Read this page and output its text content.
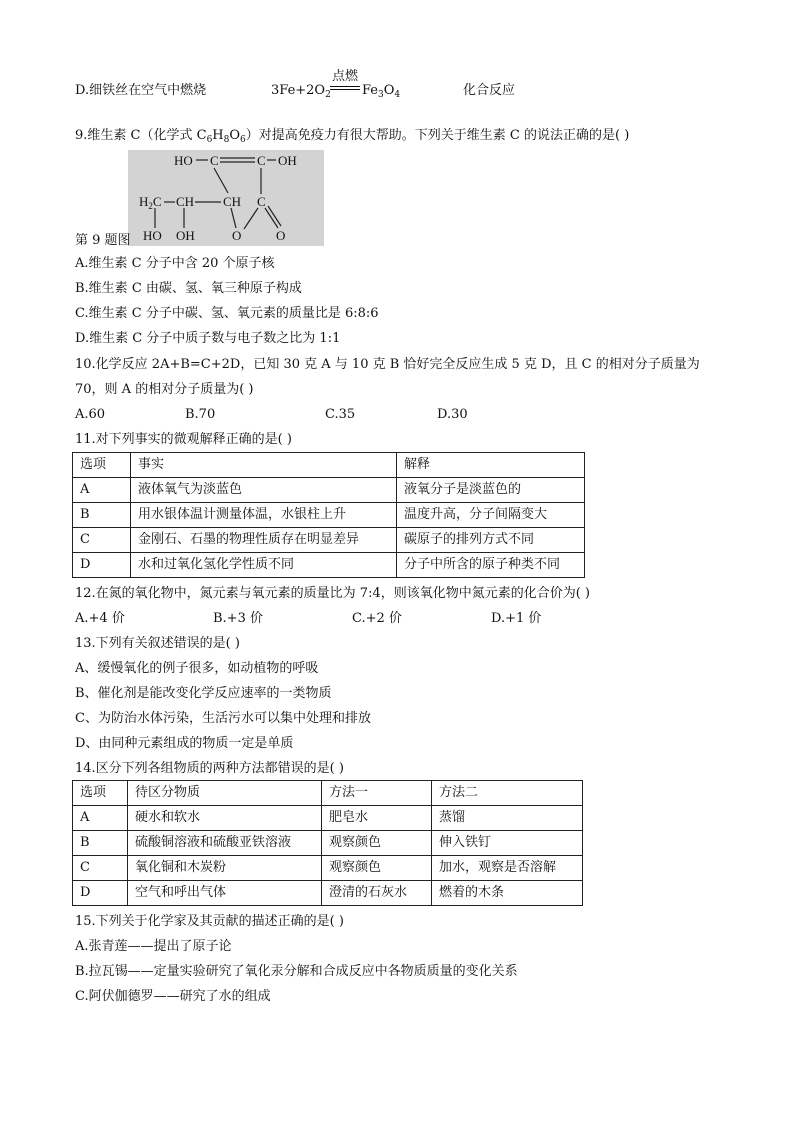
D.细铁丝在空气中燃烧	$3Fe+2O_2$
点燃
$Fe_3O_4$	化合反应
9.维生素 C（化学式 $C_6H_8O_6$）对提高免疫力有很大帮助。下列关于维生素 C 的说法正确的是( )
HO C	C OH
$H_2C$ CH CH C
HO OH	O	O
第 9 题图
A.维生素 C 分子中含 20 个原子核
B.维生素 C 由碳、氢、氧三种原子构成
C.维生素 C 分子中碳、氢、氧元素的质量比是 6:8:6
D.维生素 C 分子中质子数与电子数之比为 1:1
10.化学反应 2A+B=C+2D，已知 30 克 A 与 10 克 B 恰好完全反应生成 5 克 D，且 C 的相对分子质量为
70，则 A 的相对分子质量为( )
A.60	B.70	C.35	D.30
11.对下列事实的微观解释正确的是( )
选项	事实	解释
A	液体氧气为淡蓝色	液氧分子是淡蓝色的
B	用水银体温计测量体温，水银柱上升	温度升高，分子间隔变大
C	金刚石、石墨的物理性质存在明显差异	碳原子的排列方式不同
D	水和过氧化氢化学性质不同	分子中所含的原子种类不同
12.在氮的氧化物中，氮元素与氧元素的质量比为 7:4，则该氧化物中氮元素的化合价为( )
A.+4 价	B.+3 价	C.+2 价	D.+1 价
13.下列有关叙述错误的是( )
A、缓慢氧化的例子很多，如动植物的呼吸
B、催化剂是能改变化学反应速率的一类物质
C、为防治水体污染，生活污水可以集中处理和排放
D、由同种元素组成的物质一定是单质
14.区分下列各组物质的两种方法都错误的是( )
选项	待区分物质	方法一	方法二
A	硬水和软水	肥皂水	蒸馏
B	硫酸铜溶液和硫酸亚铁溶液	观察颜色	伸入铁钉
C	氧化铜和木炭粉	观察颜色	加水，观察是否溶解
D	空气和呼出气体	澄清的石灰水	燃着的木条
15.下列关于化学家及其贡献的描述正确的是( )
A.张青莲——提出了原子论
B.拉瓦锡——定量实验研究了氧化汞分解和合成反应中各物质质量的变化关系
C.阿伏伽德罗——研究了水的组成
